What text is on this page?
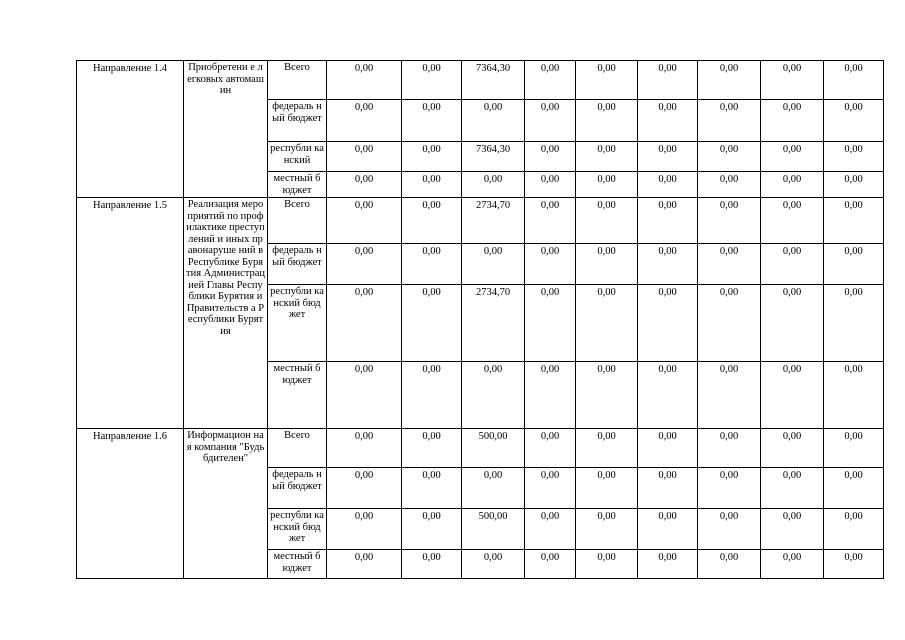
Направление 1.4	Приобретени е легковых автомашин	Всего	0,00	0,00	7364,30	0,00	0,00	0,00	0,00	0,00	0,00
		федераль ный бюджет	0,00	0,00	0,00	0,00	0,00	0,00	0,00	0,00	0,00
		республи канский	0,00	0,00	7364,30	0,00	0,00	0,00	0,00	0,00	0,00
		местный бюджет	0,00	0,00	0,00	0,00	0,00	0,00	0,00	0,00	0,00
Направление 1.5	Реализация мероприятий по профилактике преступлений и иных правонаруше ний в Республике Бурятия Администрац ией Главы Республики Бурятия и Правительств а Республики Бурятия	Всего	0,00	0,00	2734,70	0,00	0,00	0,00	0,00	0,00	0,00
		федераль ный бюджет	0,00	0,00	0,00	0,00	0,00	0,00	0,00	0,00	0,00
		республи канский бюджет	0,00	0,00	2734,70	0,00	0,00	0,00	0,00	0,00	0,00
		местный бюджет	0,00	0,00	0,00	0,00	0,00	0,00	0,00	0,00	0,00
Направление 1.6	Информацион ная компания "Будь бдителен"	Всего	0,00	0,00	500,00	0,00	0,00	0,00	0,00	0,00	0,00
		федераль ный бюджет	0,00	0,00	0,00	0,00	0,00	0,00	0,00	0,00	0,00
		республи канский бюджет	0,00	0,00	500,00	0,00	0,00	0,00	0,00	0,00	0,00
		местный бюджет	0,00	0,00	0,00	0,00	0,00	0,00	0,00	0,00	0,00
